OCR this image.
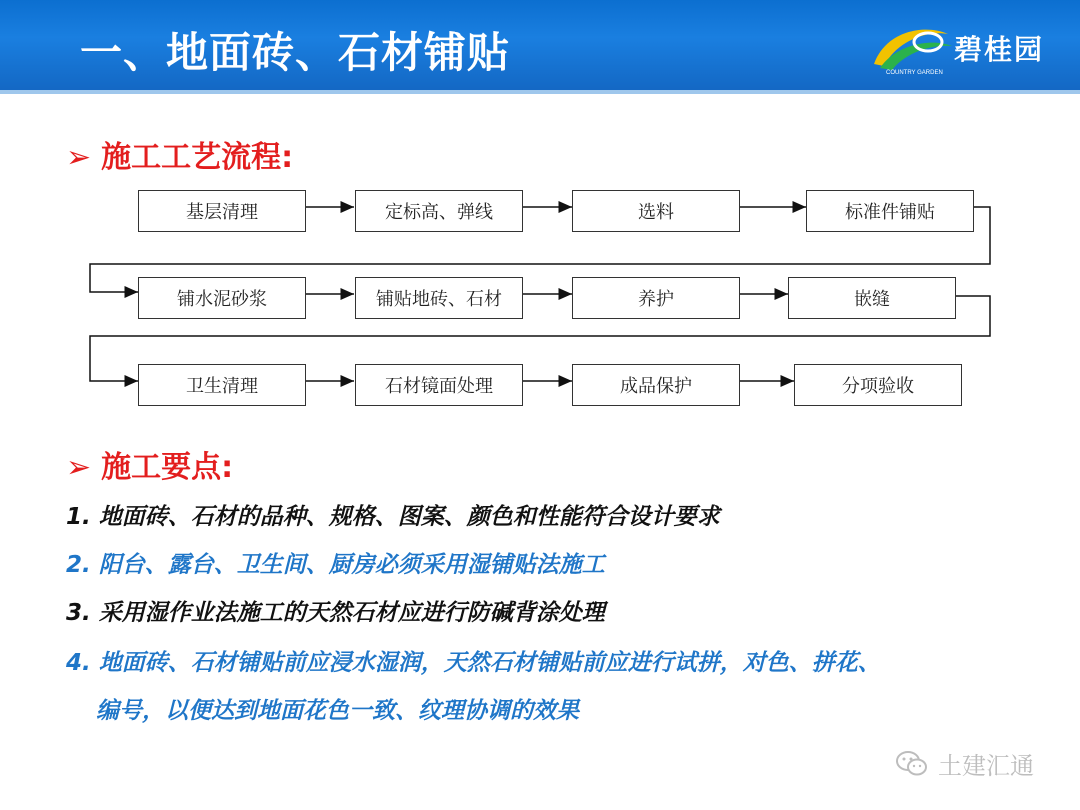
一、地面砖、石材铺贴	COUNTRY GARDEN
碧桂园
➢ 施工工艺流程:
基层清理	定标高、弹线	选料	标准件铺贴
铺水泥砂浆	铺贴地砖、石材	养护	嵌缝
卫生清理	石材镜面处理	成品保护	分项验收
➢ 施工要点:
1. 地面砖、石材的品种、规格、图案、颜色和性能符合设计要求
2. 阳台、露台、卫生间、厨房必须采用湿铺贴法施工
3. 采用湿作业法施工的天然石材应进行防碱背涂处理
4. 地面砖、石材铺贴前应浸水湿润，天然石材铺贴前应进行试拼，对色、拼花、
编号，以便达到地面花色一致、纹理协调的效果
土建汇通
